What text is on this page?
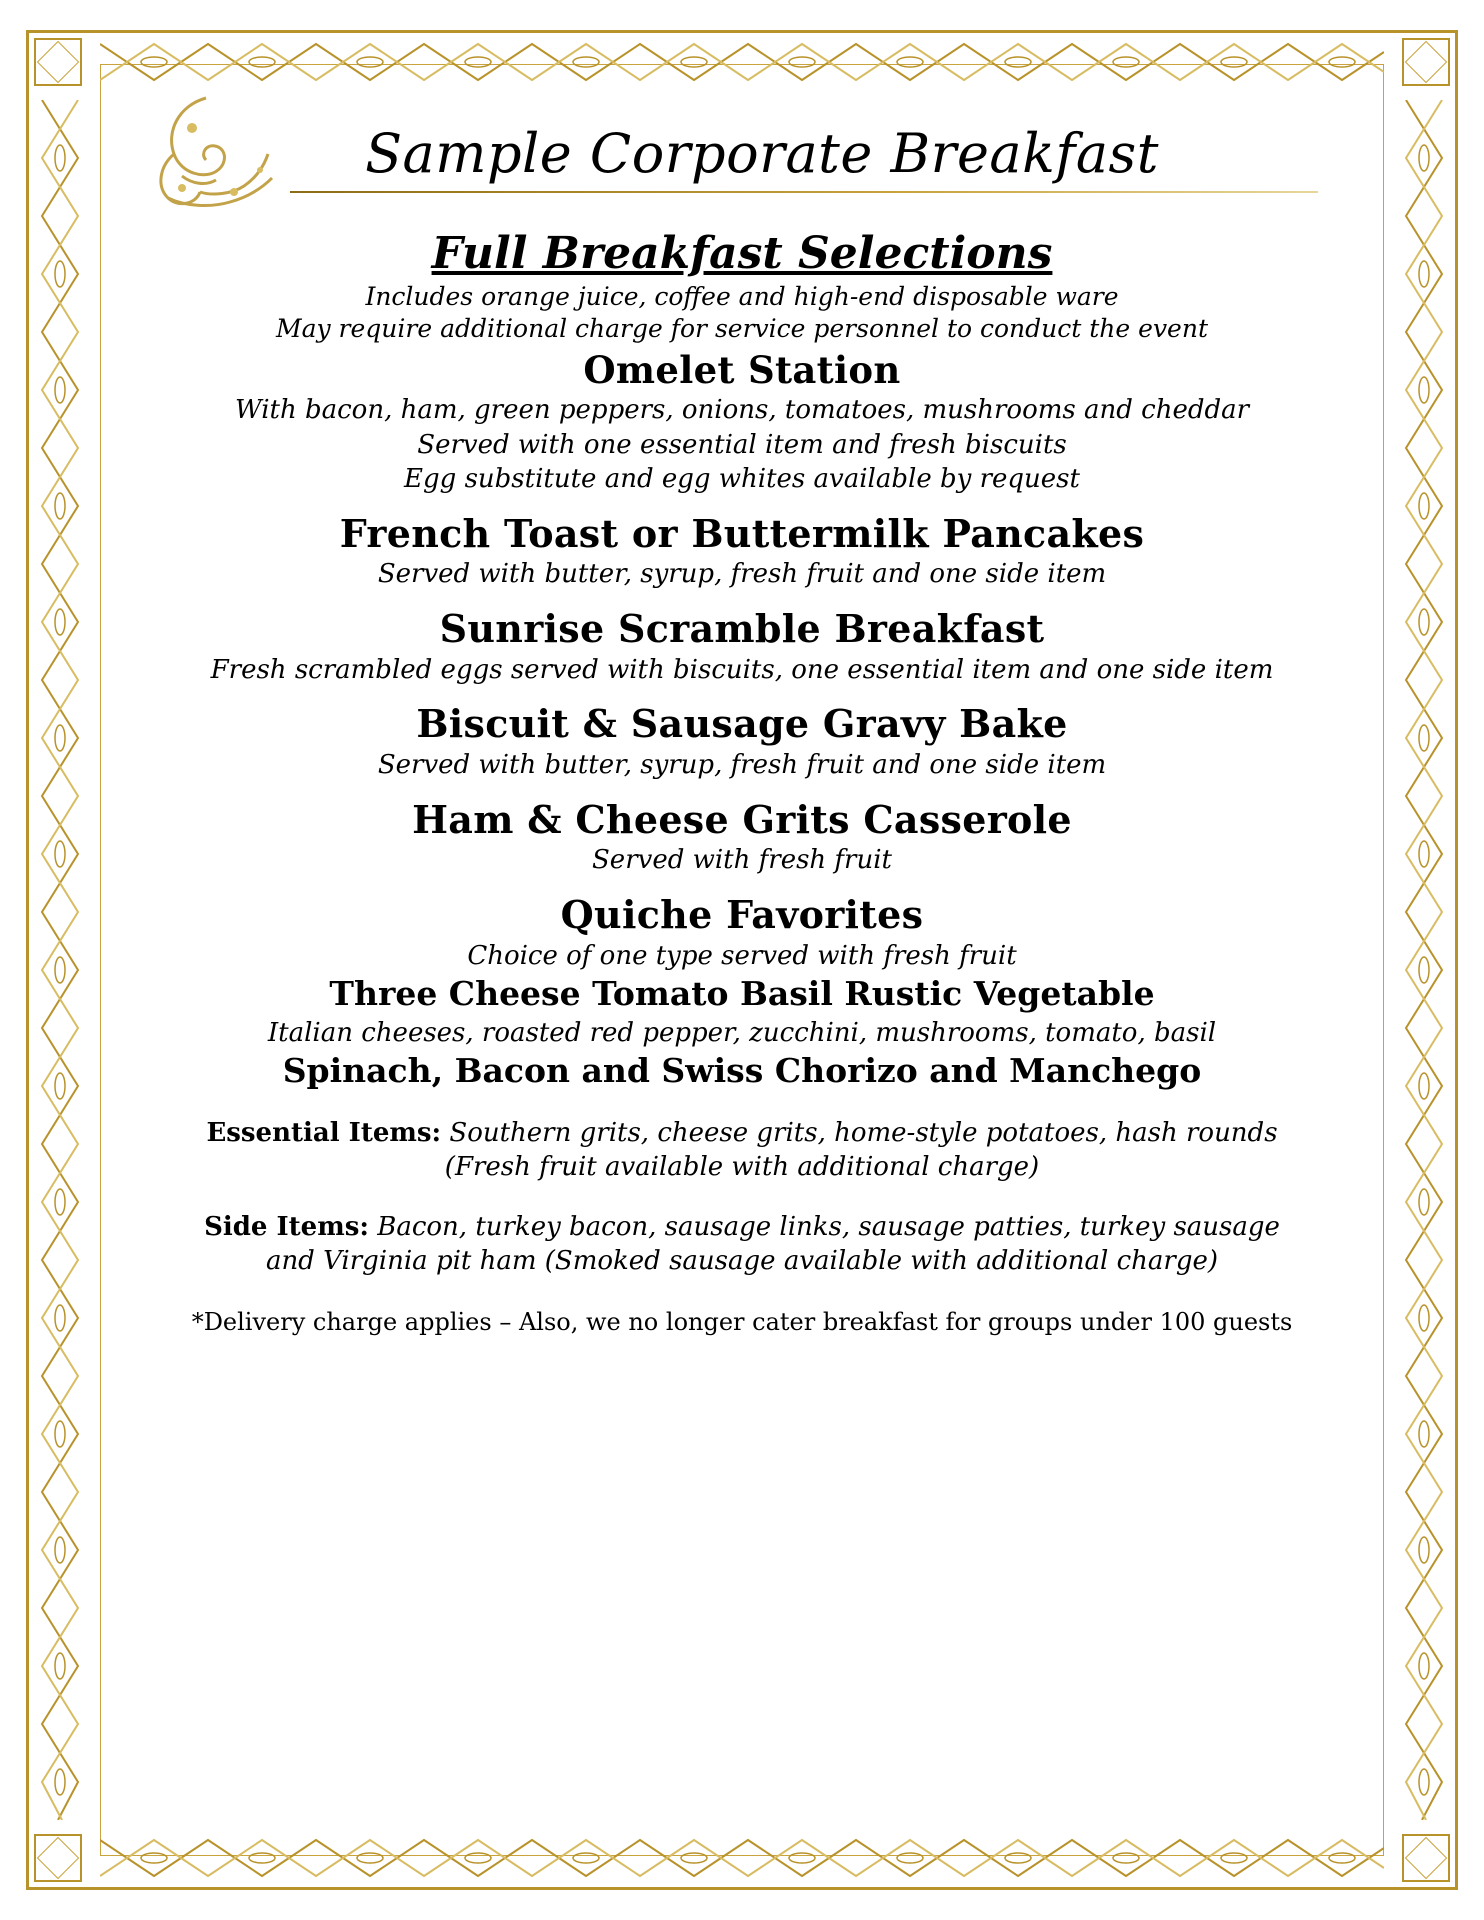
Sample Corporate Breakfast
Full Breakfast Selections
Includes orange juice, coffee and high-end disposable ware
May require additional charge for service personnel to conduct the event
Omelet Station
With bacon, ham, green peppers, onions, tomatoes, mushrooms and cheddar
Served with one essential item and fresh biscuits
Egg substitute and egg whites available by request
French Toast or Buttermilk Pancakes
Served with butter, syrup, fresh fruit and one side item
Sunrise Scramble Breakfast
Fresh scrambled eggs served with biscuits, one essential item and one side item
Biscuit & Sausage Gravy Bake
Served with butter, syrup, fresh fruit and one side item
Ham & Cheese Grits Casserole
Served with fresh fruit
Quiche Favorites
Choice of one type served with fresh fruit
Three Cheese Tomato Basil Rustic Vegetable
Italian cheeses, roasted red pepper, zucchini, mushrooms, tomato, basil
Spinach, Bacon and Swiss Chorizo and Manchego
Essential Items: Southern grits, cheese grits, home-style potatoes, hash rounds
(Fresh fruit available with additional charge)
Side Items: Bacon, turkey bacon, sausage links, sausage patties, turkey sausage
and Virginia pit ham (Smoked sausage available with additional charge)
*Delivery charge applies – Also, we no longer cater breakfast for groups under 100 guests
